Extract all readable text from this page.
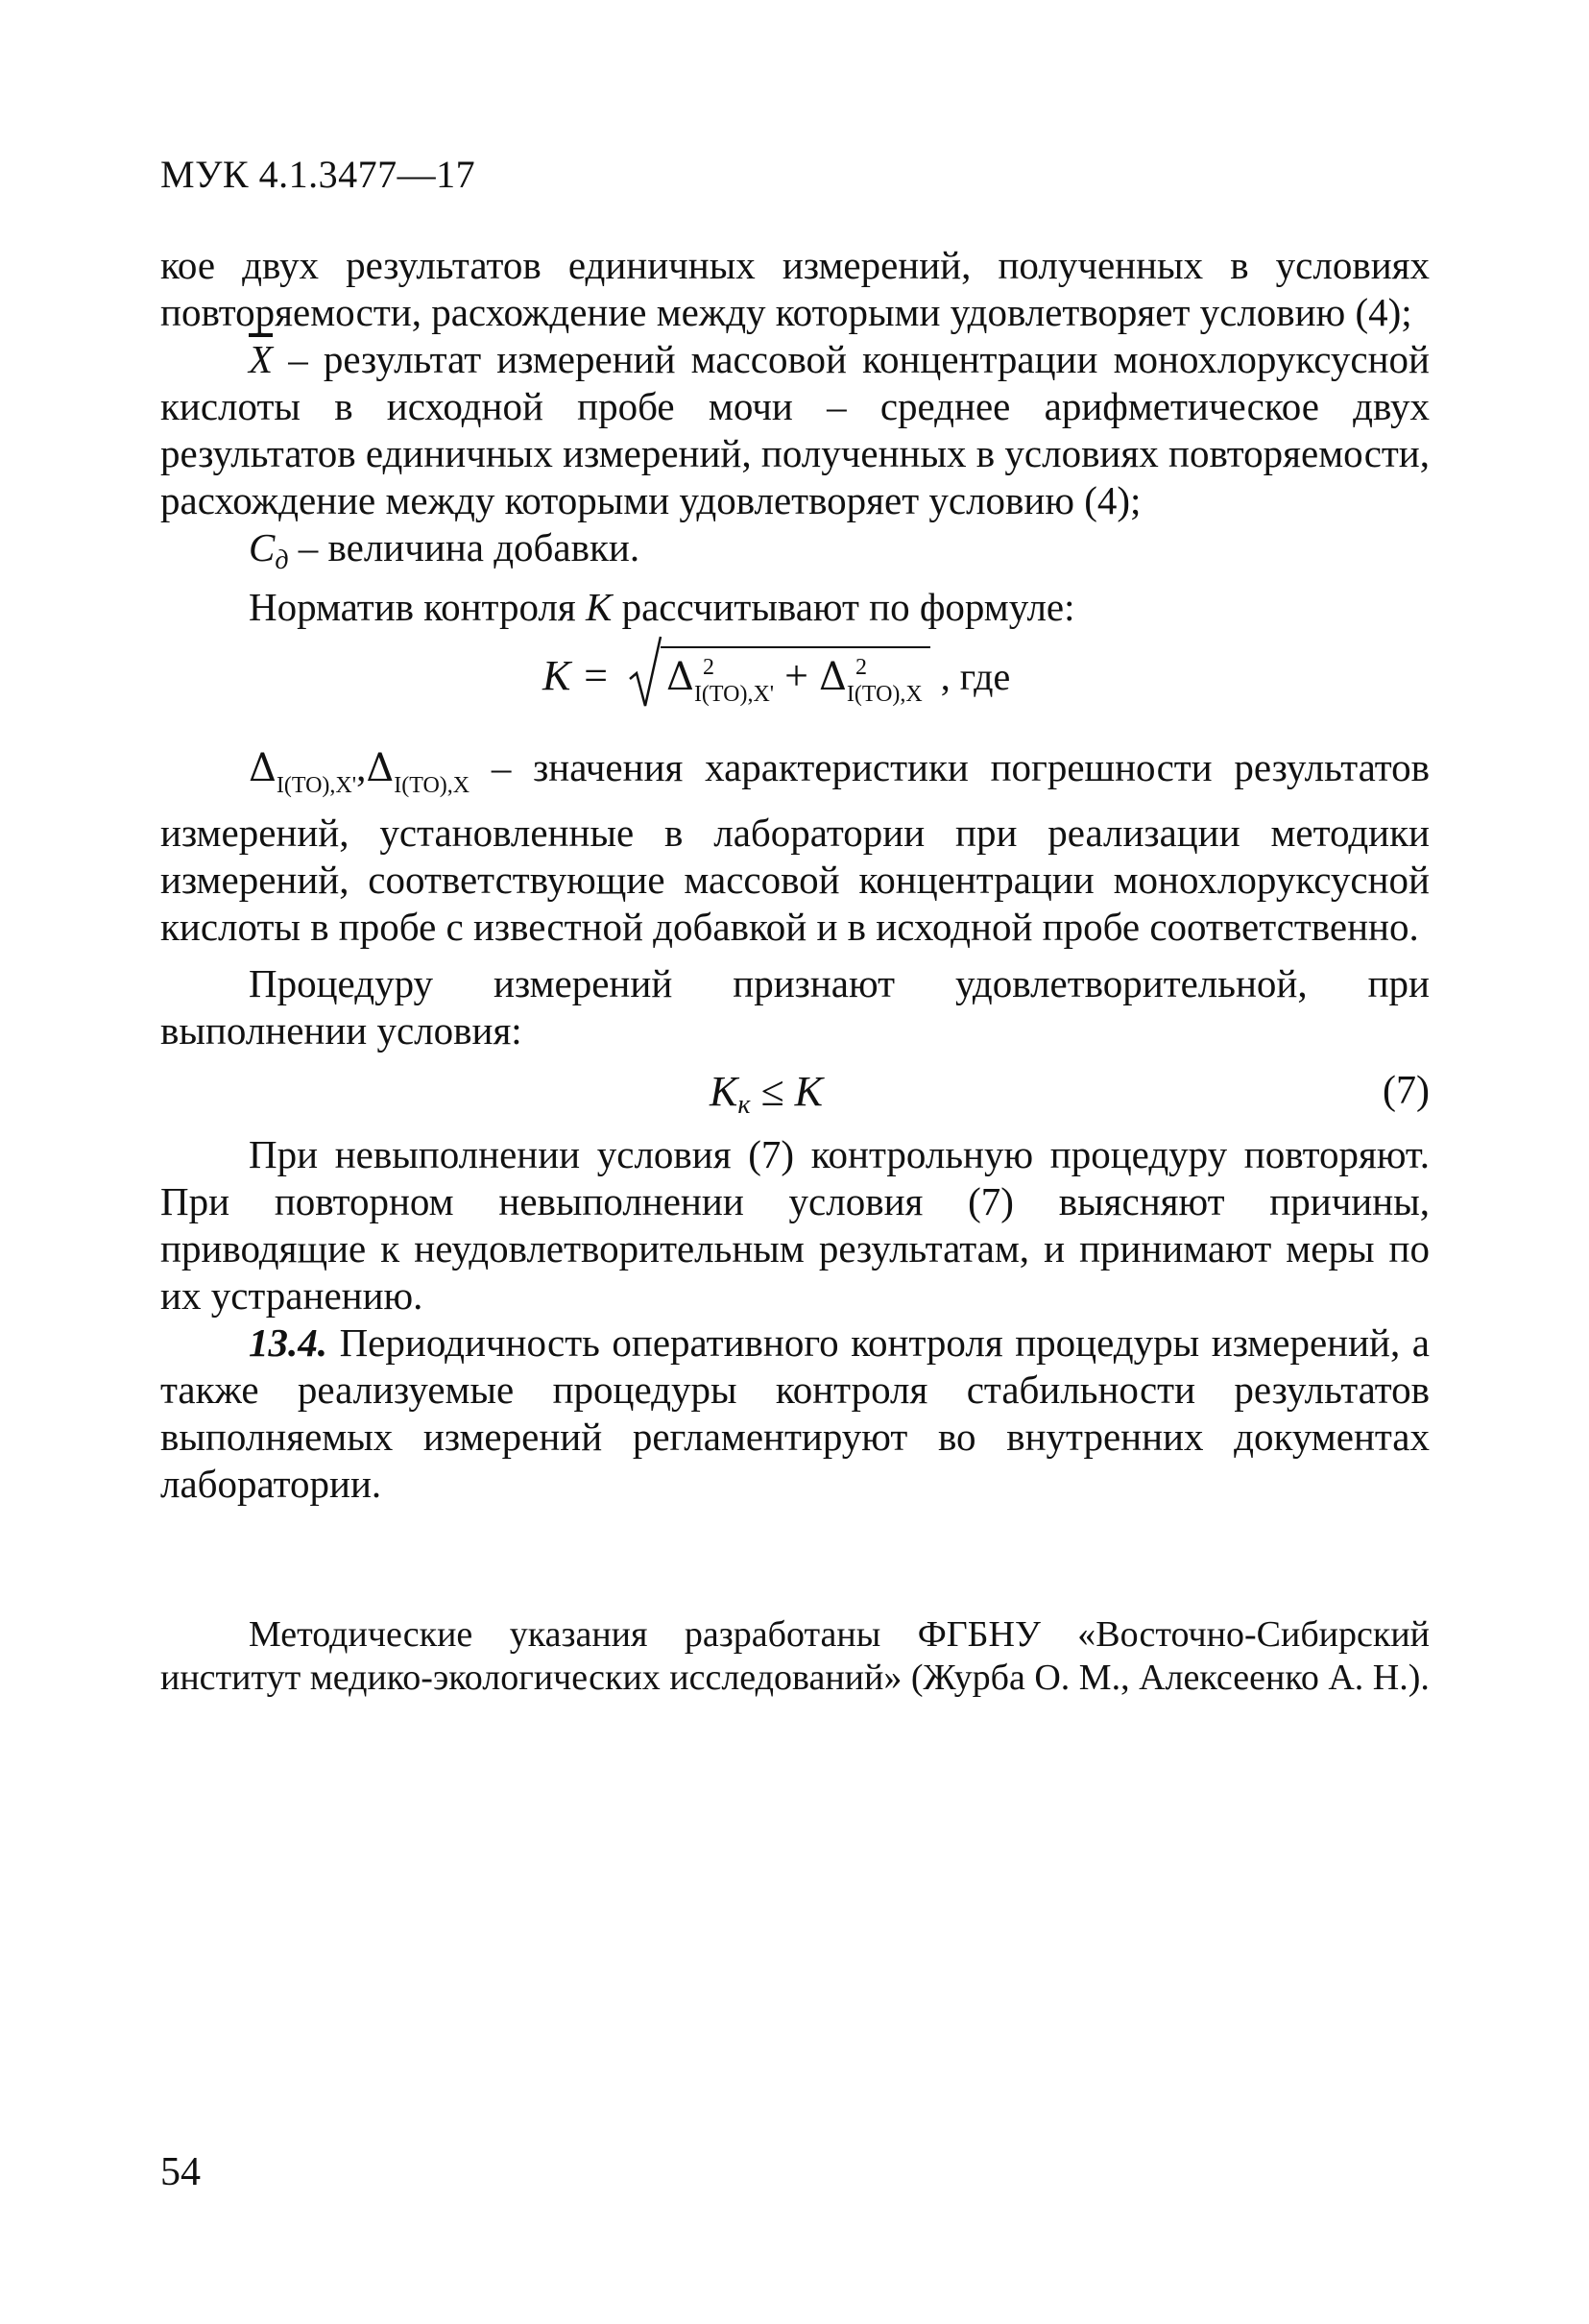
МУК 4.1.3477—17

кое двух результатов единичных измерений, полученных в условиях повторяемости, расхождение между которыми удовлетворяет условию (4);

$\overline{X}$ – результат измерений массовой концентрации монохлоруксусной кислоты в исходной пробе мочи – среднее арифметическое двух результатов единичных измерений, полученных в условиях повторяемости, расхождение между которыми удовлетворяет условию (4);

Cд – величина добавки.

Норматив контроля K рассчитывают по формуле:

K = Δ 2
$_{I(TO),X'}$ + Δ 2
$_{I(TO),X}$ , где

$\Delta_{I(TO),X'},\Delta_{I(TO),X}$ – значения характеристики погрешности результатов измерений, установленные в лаборатории при реализации методики измерений, соответствующие массовой концентрации монохлоруксусной кислоты в пробе с известной добавкой и в исходной пробе соответственно.

Процедуру измерений признают удовлетворительной, при выполнении условия:

Kк ≤ K	(7)

При невыполнении условия (7) контрольную процедуру повторяют. При повторном невыполнении условия (7) выясняют причины, приводящие к неудовлетворительным результатам, и принимают меры по их устранению.

13.4. Периодичность оперативного контроля процедуры измерений, а также реализуемые процедуры контроля стабильности результатов выполняемых измерений регламентируют во внутренних документах лаборатории.

Методические указания разработаны ФГБНУ «Восточно-Сибирский институт медико-экологических исследований» (Журба О. М., Алексеенко А. Н.).
54
